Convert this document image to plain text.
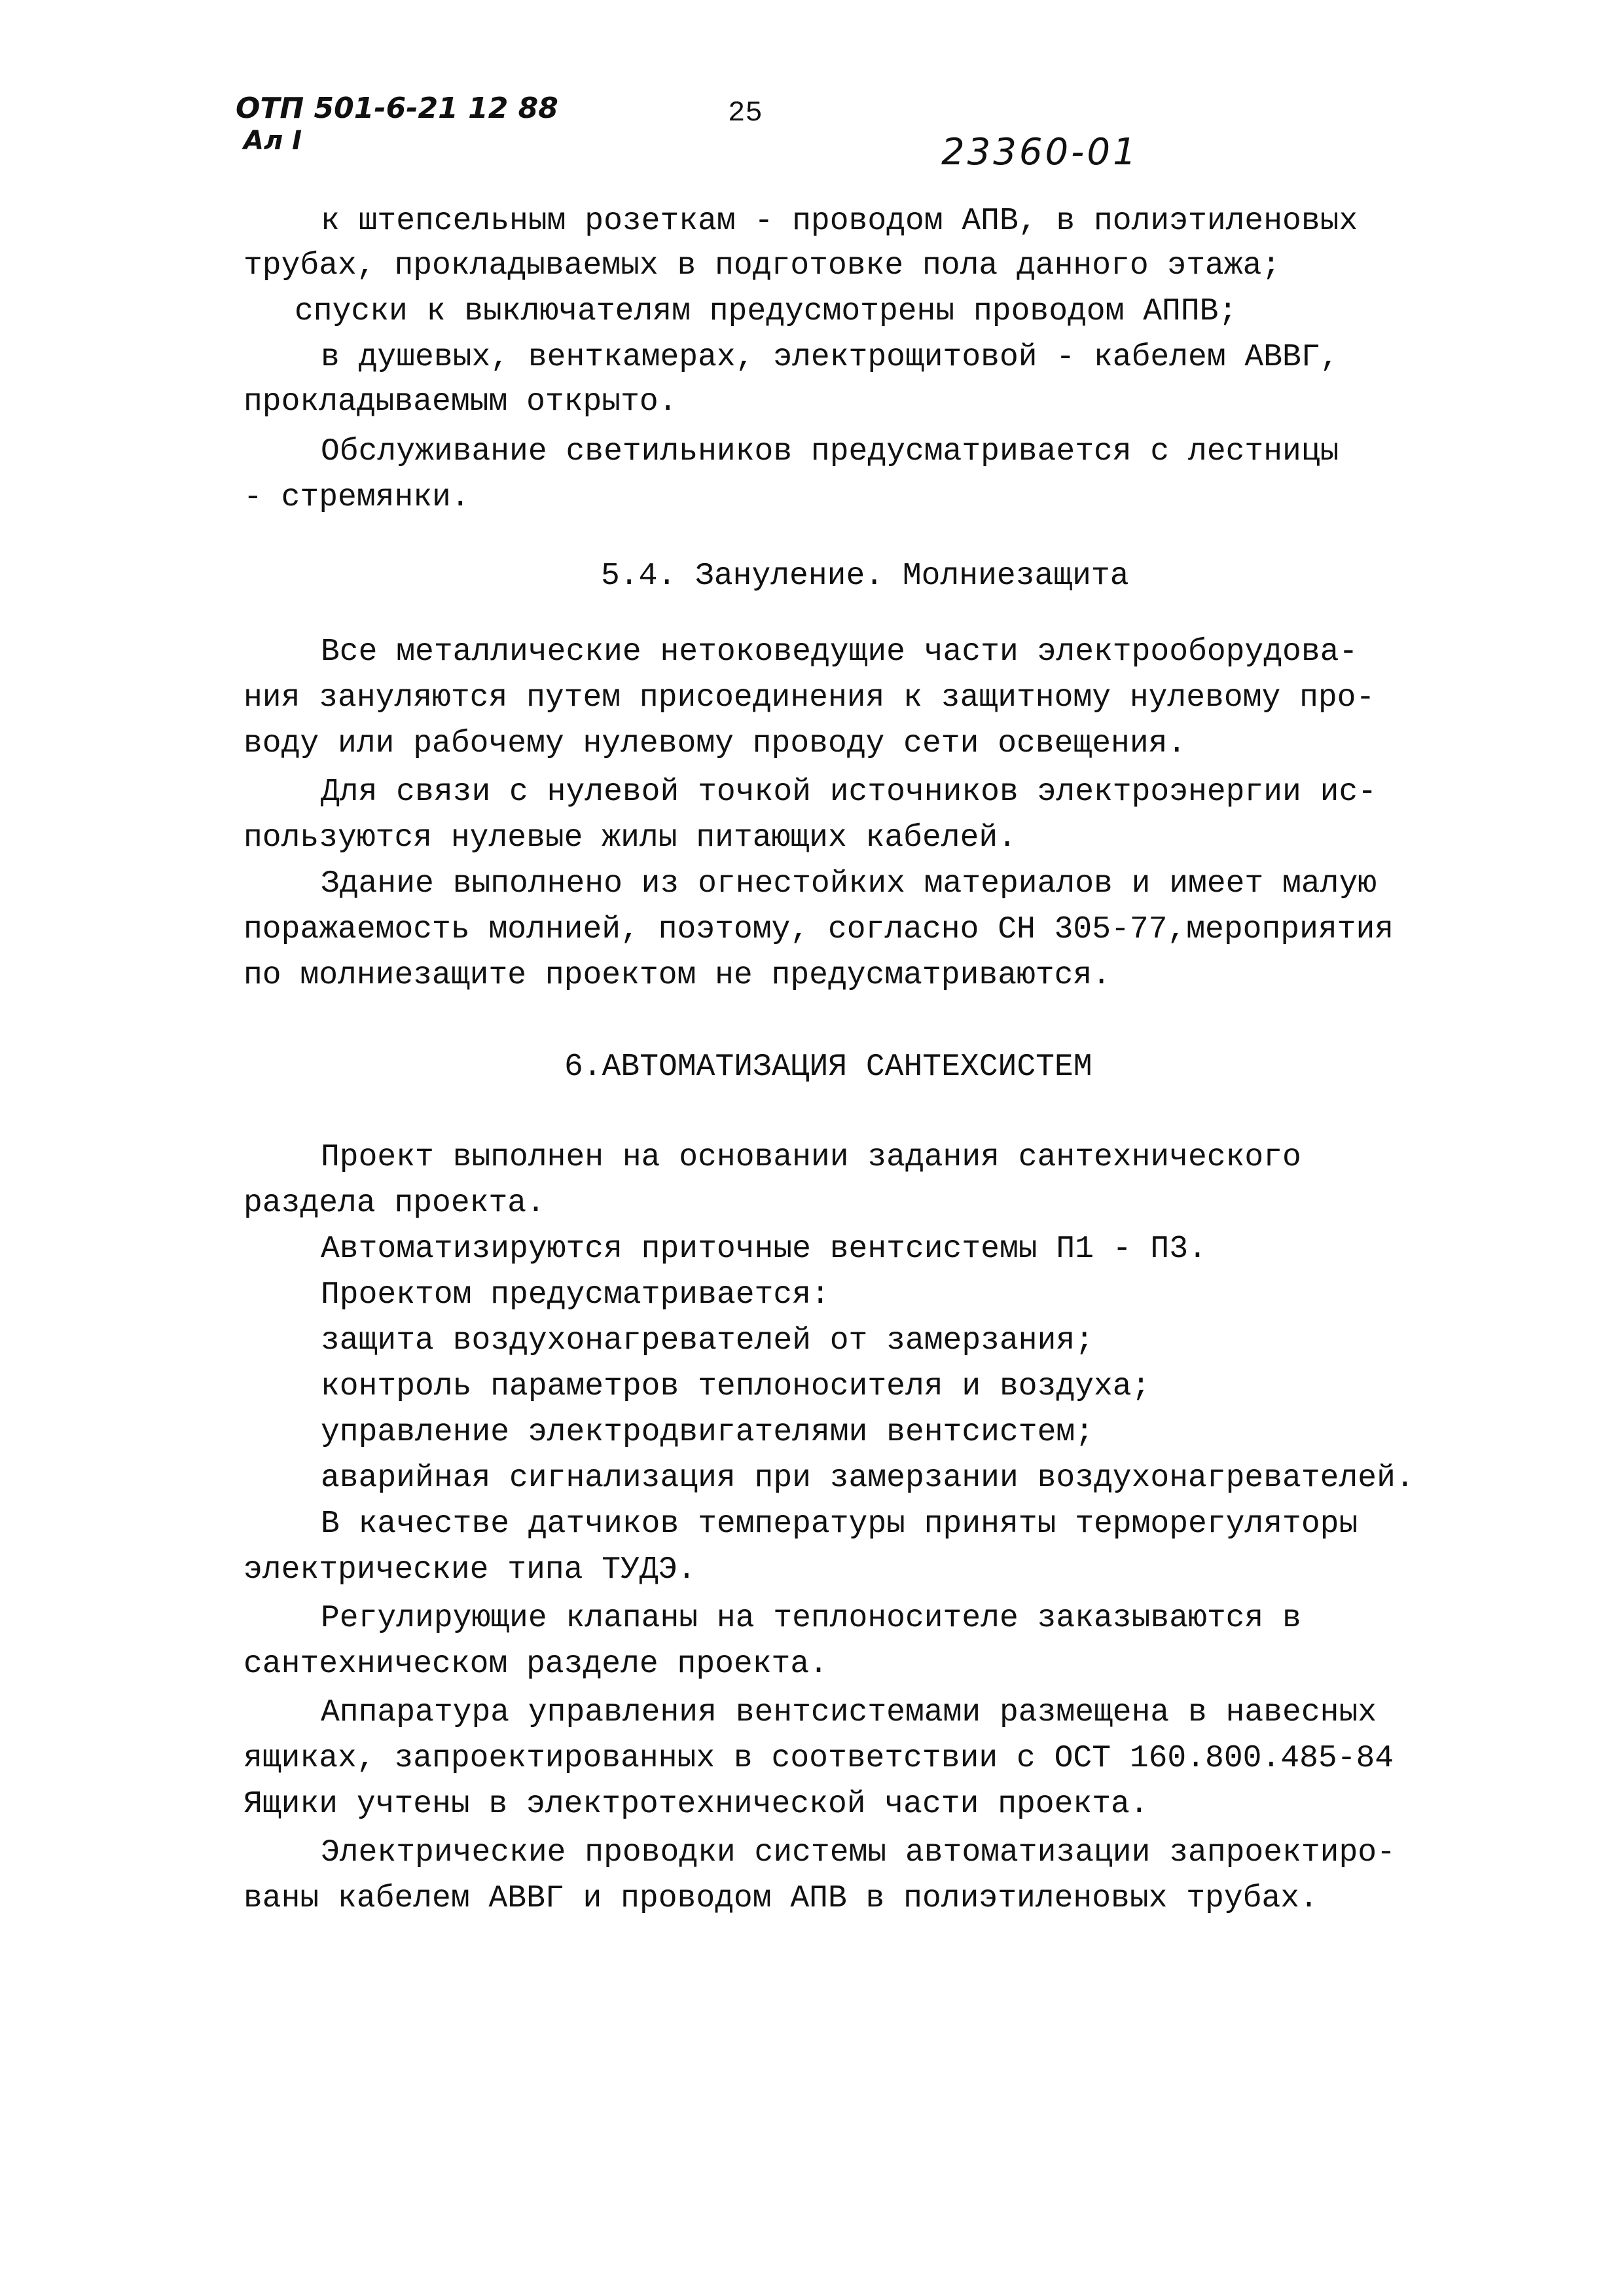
ОТП 501-6-21 12 88
Ал I
25
23360-01
к штепсельным розеткам - проводом АПВ, в полиэтиленовых
трубах, прокладываемых в подготовке пола данного этажа;
спуски к выключателям предусмотрены проводом АППВ;
в душевых, венткамерах, электрощитовой - кабелем АВВГ,
прокладываемым открыто.
Обслуживание светильников предусматривается с лестницы
- стремянки.
5.4. Зануление. Молниезащита
Все металлические нетоковедущие части электрооборудова-
ния зануляются путем присоединения к защитному нулевому про-
воду или рабочему нулевому проводу сети освещения.
Для связи с нулевой точкой источников электроэнергии ис-
пользуются нулевые жилы питающих кабелей.
Здание выполнено из огнестойких материалов и имеет малую
поражаемость молнией, поэтому, согласно СН 305-77,мероприятия
по молниезащите проектом не предусматриваются.
6.АВТОМАТИЗАЦИЯ САНТЕХСИСТЕМ
Проект выполнен на основании задания сантехнического
раздела проекта.
Автоматизируются приточные вентсистемы П1 - П3.
Проектом предусматривается:
защита воздухонагревателей от замерзания;
контроль параметров теплоносителя и воздуха;
управление электродвигателями вентсистем;
аварийная сигнализация при замерзании воздухонагревателей.
В качестве датчиков температуры приняты терморегуляторы
электрические типа ТУДЭ.
Регулирующие клапаны на теплоносителе заказываются в
сантехническом разделе проекта.
Аппаратура управления вентсистемами размещена в навесных
ящиках, запроектированных в соответствии с ОСТ 160.800.485-84
Ящики учтены в электротехнической части проекта.
Электрические проводки системы автоматизации запроектиро-
ваны кабелем АВВГ и проводом АПВ в полиэтиленовых трубах.
